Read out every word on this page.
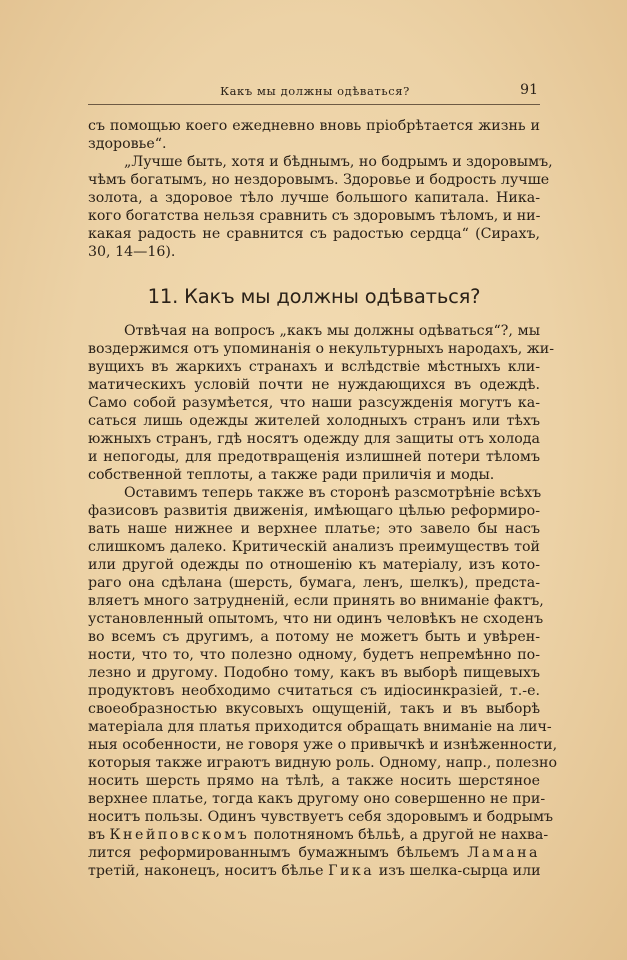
Какъ мы должны одѣваться?	91
съ помощью коего ежедневно вновь пріобрѣтается жизнь и
здоровье“.
„Лучше быть, хотя и бѣднымъ, но бодрымъ и здоровымъ,
чѣмъ богатымъ, но нездоровымъ. Здоровье и бодрость лучше
золота, а здоровое тѣло лучше большого капитала. Ника-
кого богатства нельзя сравнить съ здоровымъ тѣломъ, и ни-
какая радость не сравнится съ радостью сердца“ (Сирахъ,
30, 14—16).
11. Какъ мы должны одѣваться?
Отвѣчая на вопросъ „какъ мы должны одѣваться“?, мы
воздержимся отъ упоминанія о некультурныхъ народахъ, жи-
вущихъ въ жаркихъ странахъ и вслѣдствіе мѣстныхъ кли-
матическихъ условій почти не нуждающихся въ одеждѣ.
Само собой разумѣется, что наши разсужденія могутъ ка-
саться лишь одежды жителей холодныхъ странъ или тѣхъ
южныхъ странъ, гдѣ носятъ одежду для защиты отъ холода
и непогоды, для предотвращенія излишней потери тѣломъ
собственной теплоты, а также ради приличія и моды.
Оставимъ теперь также въ сторонѣ разсмотрѣніе всѣхъ
фазисовъ развитія движенія, имѣющаго цѣлью реформиро-
вать наше нижнее и верхнее платье; это завело бы насъ
слишкомъ далеко. Критическій анализъ преимуществъ той
или другой одежды по отношенію къ матеріалу, изъ кото-
раго она сдѣлана (шерсть, бумага, ленъ, шелкъ), предста-
вляетъ много затрудненій, если принять во вниманіе фактъ,
установленный опытомъ, что ни одинъ человѣкъ не сходенъ
во всемъ съ другимъ, а потому не можетъ быть и увѣрен-
ности, что то, что полезно одному, будетъ непремѣнно по-
лезно и другому. Подобно тому, какъ въ выборѣ пищевыхъ
продуктовъ необходимо считаться съ идіосинкразіей, т.-е.
своеобразностью вкусовыхъ ощущеній, такъ и въ выборѣ
матеріала для платья приходится обращать вниманіе на лич-
ныя особенности, не говоря уже о привычкѣ и изнѣженности,
которыя также играютъ видную роль. Одному, напр., полезно
носить шерсть прямо на тѣлѣ, а также носить шерстяное
верхнее платье, тогда какъ другому оно совершенно не при-
носитъ пользы. Одинъ чувствуетъ себя здоровымъ и бодрымъ
въ Кнейповскомъ полотняномъ бѣльѣ, а другой не нахва-
лится реформированнымъ бумажнымъ бѣльемъ Ламана
третій, наконецъ, носитъ бѣлье Гика изъ шелка-сырца или
